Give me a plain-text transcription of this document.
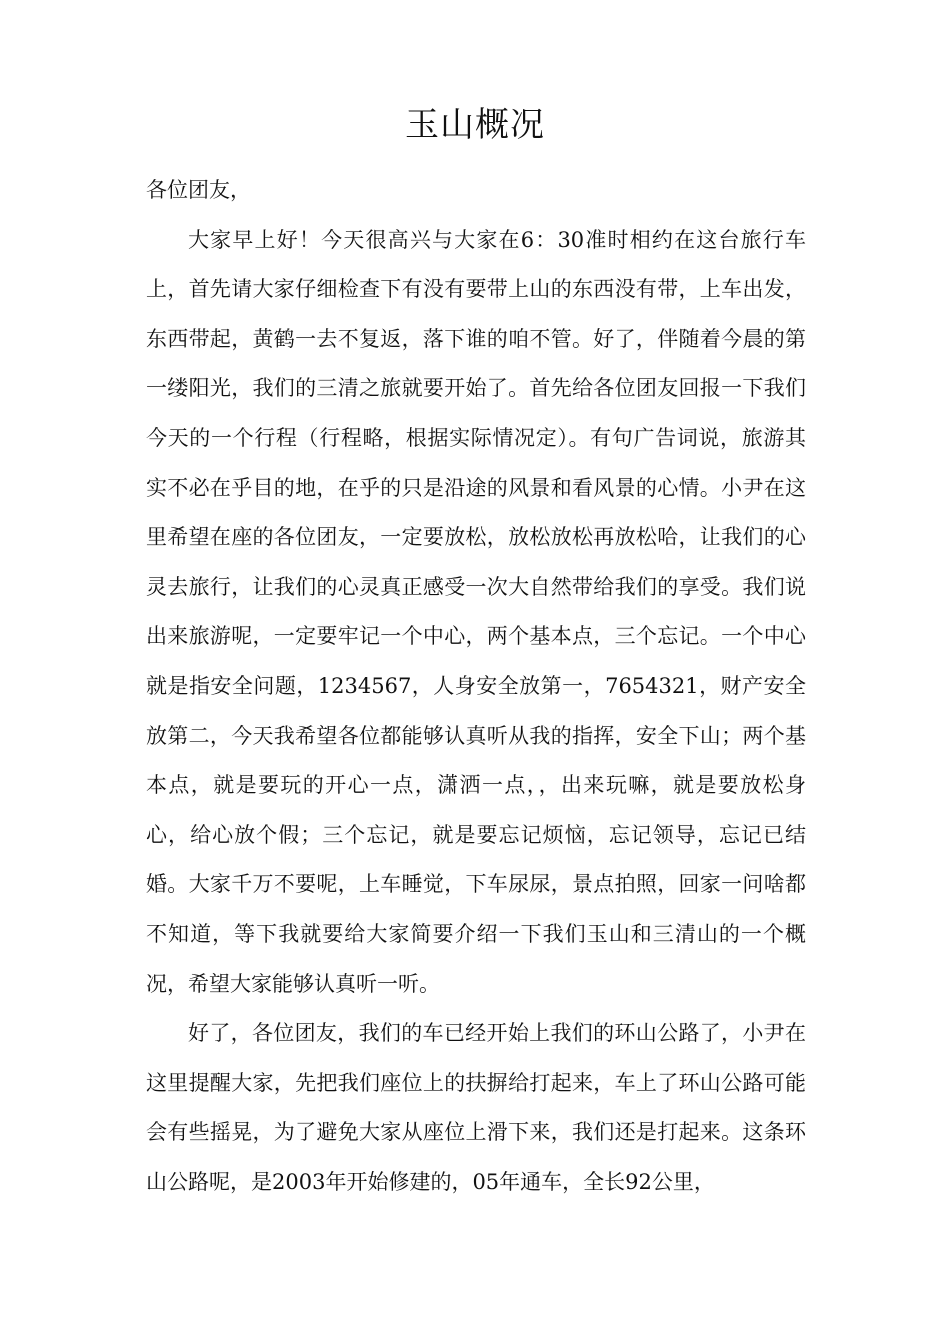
玉山概况

各位团友，

大家早上好！今天很高兴与大家在6：30准时相约在这台旅行车上，首先请大家仔细检查下有没有要带上山的东西没有带，上车出发，东西带起，黄鹤一去不复返，落下谁的咱不管。好了，伴随着今晨的第一缕阳光，我们的三清之旅就要开始了。首先给各位团友回报一下我们今天的一个行程（行程略，根据实际情况定）。有句广告词说，旅游其实不必在乎目的地，在乎的只是沿途的风景和看风景的心情。小尹在这里希望在座的各位团友，一定要放松，放松放松再放松哈，让我们的心灵去旅行，让我们的心灵真正感受一次大自然带给我们的享受。我们说出来旅游呢，一定要牢记一个中心，两个基本点，三个忘记。一个中心就是指安全问题，1234567，人身安全放第一，7654321，财产安全放第二，今天我希望各位都能够认真听从我的指挥，安全下山；两个基本点，就是要玩的开心一点，潇洒一点，，出来玩嘛，就是要放松身心，给心放个假；三个忘记，就是要忘记烦恼，忘记领导，忘记已结婚。大家千万不要呢，上车睡觉，下车尿尿，景点拍照，回家一问啥都不知道，等下我就要给大家简要介绍一下我们玉山和三清山的一个概况，希望大家能够认真听一听。

好了，各位团友，我们的车已经开始上我们的环山公路了，小尹在这里提醒大家，先把我们座位上的扶摒给打起来，车上了环山公路可能会有些摇晃，为了避免大家从座位上滑下来，我们还是打起来。这条环山公路呢，是2003年开始修建的，05年通车，全长92公里，
